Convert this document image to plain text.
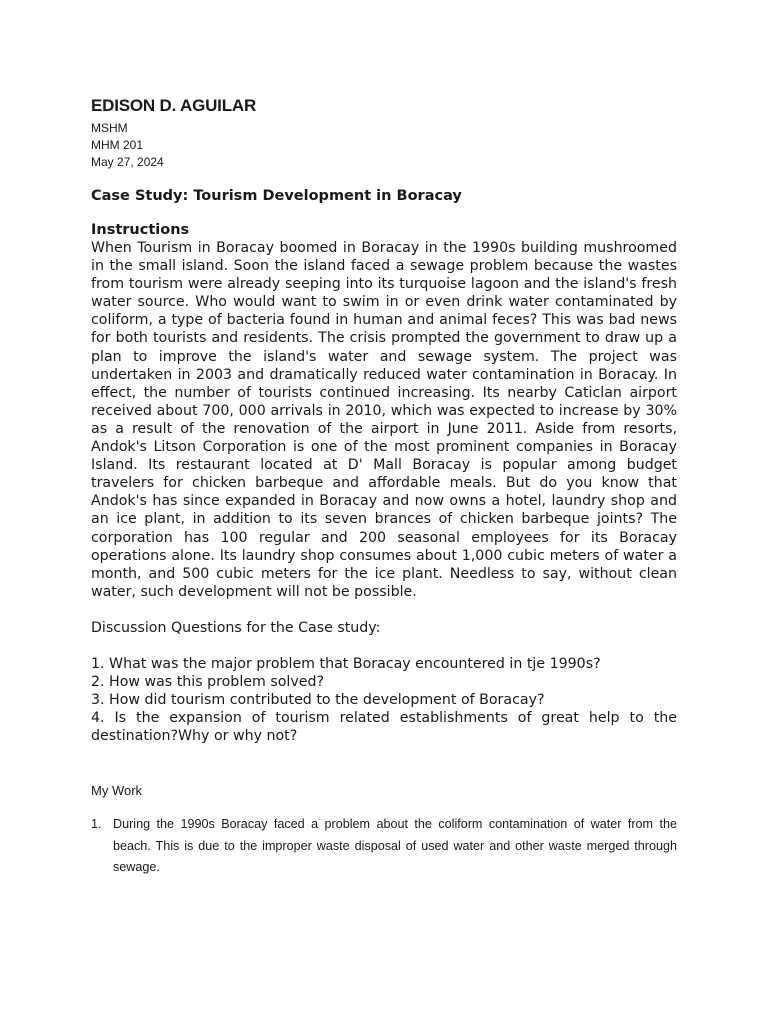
EDISON D. AGUILAR

MSHM

MHM 201

May 27, 2024

Case Study: Tourism Development in Boracay
Instructions

When Tourism in Boracay boomed in Boracay in the 1990s building mushroomed in the small island. Soon the island faced a sewage problem because the wastes from tourism were already seeping into its turquoise lagoon and the island's fresh water source. Who would want to swim in or even drink water contaminated by coliform, a type of bacteria found in human and animal feces? This was bad news for both tourists and residents. The crisis prompted the government to draw up a plan to improve the island's water and sewage system. The project was undertaken in 2003 and dramatically reduced water contamination in Boracay. In effect, the number of tourists continued increasing. Its nearby Caticlan airport received about 700, 000 arrivals in 2010, which was expected to increase by 30% as a result of the renovation of the airport in June 2011. Aside from resorts, Andok's Litson Corporation is one of the most prominent companies in Boracay Island. Its restaurant located at D' Mall Boracay is popular among budget travelers for chicken barbeque and affordable meals. But do you know that Andok's has since expanded in Boracay and now owns a hotel, laundry shop and an ice plant, in addition to its seven brances of chicken barbeque joints? The corporation has 100 regular and 200 seasonal employees for its Boracay operations alone. Its laundry shop consumes about 1,000 cubic meters of water a month, and 500 cubic meters for the ice plant. Needless to say, without clean water, such development will not be possible.

Discussion Questions for the Case study:

1. What was the major problem that Boracay encountered in tje 1990s?

2. How was this problem solved?

3. How did tourism contributed to the development of Boracay?

4. Is the expansion of tourism related establishments of great help to the destination?Why or why not?

My Work
1. During the 1990s Boracay faced a problem about the coliform contamination of water from the beach. This is due to the improper waste disposal of used water and other waste merged through sewage.
